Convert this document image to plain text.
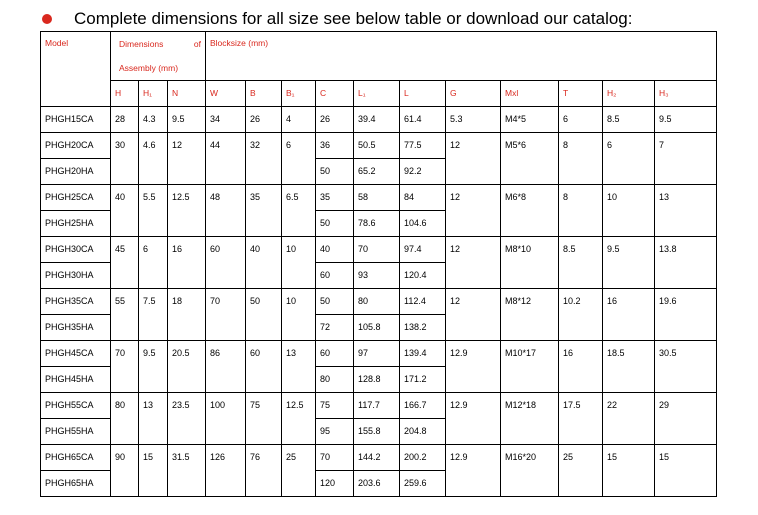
Complete dimensions for all size see below table or download our catalog:
Model	Dimensions of Assembly (mm)			Blocksize (mm)										
	H	H₁	N	W	B	B₁	C	L₁	L	G	Mxl	T	H₂	H₃
PHGH15CA	28	4.3	9.5	34	26	4	26	39.4	61.4	5.3	M4*5	6	8.5	9.5
PHGH20CA	30	4.6	12	44	32	6	36	50.5	77.5	12	M5*6	8	6	7
PHGH20HA							50	65.2	92.2					
PHGH25CA	40	5.5	12.5	48	35	6.5	35	58	84	12	M6*8	8	10	13
PHGH25HA							50	78.6	104.6					
PHGH30CA	45	6	16	60	40	10	40	70	97.4	12	M8*10	8.5	9.5	13.8
PHGH30HA							60	93	120.4					
PHGH35CA	55	7.5	18	70	50	10	50	80	112.4	12	M8*12	10.2	16	19.6
PHGH35HA							72	105.8	138.2					
PHGH45CA	70	9.5	20.5	86	60	13	60	97	139.4	12.9	M10*17	16	18.5	30.5
PHGH45HA							80	128.8	171.2					
PHGH55CA	80	13	23.5	100	75	12.5	75	117.7	166.7	12.9	M12*18	17.5	22	29
PHGH55HA							95	155.8	204.8					
PHGH65CA	90	15	31.5	126	76	25	70	144.2	200.2	12.9	M16*20	25	15	15
PHGH65HA							120	203.6	259.6					
